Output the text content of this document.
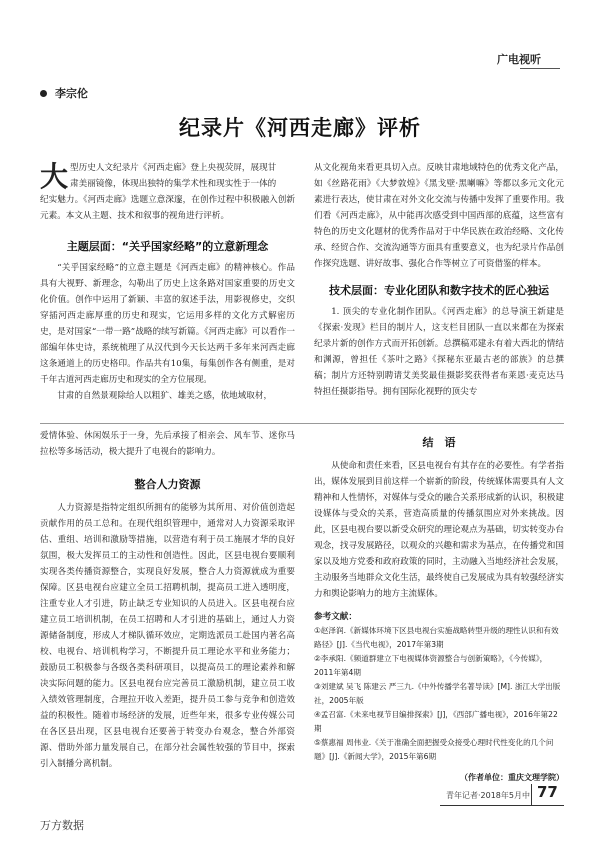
广电视听
李宗伦
纪录片《河西走廊》评析
大 型历史人文纪录片《河西走廊》登上央视荧屏，展现甘

肃美丽镜像，体现出独特的集学术性和现实性于一体的

纪实魅力。《河西走廊》选题立意深邃，在创作过程中积极融入创新元素。本文从主题、技术和叙事的视角进行评析。

主题层面：“关乎国家经略”的立意新理念

“关乎国家经略”的立意主题是《河西走廊》的精神核心。作品具有大视野、新理念，勾勒出了历史上这条路对国家重要的历史文化价值。创作中运用了新颖、丰富的叙述手法，用影视修史，交织穿插河西走廊厚重的历史和现实，它运用多样的文化方式解密历史，是对国家“一带一路”战略的续写新篇。《河西走廊》可以看作一部编年体史诗，系统梳理了从汉代到今天长达两千多年来河西走廊这条通道上的历史格印。作品共有10集，每集创作各有侧重，是对千年古道河西走廊历史和现实的全方位展现。

甘肃的自然景观除给人以粗犷、雄美之感，依地域取材，

从文化视角来看更具切入点。反映甘肃地域特色的优秀文化产品，如《丝路花雨》《大梦敦煌》《黑戈壁·黑喇嘛》等都以多元文化元素进行表达，使甘肃在对外文化交流与传播中发挥了重要作用。我们看《河西走廊》，从中能再次感受到中国西部的底蕴，这些富有特色的历史文化题材的优秀作品对于中华民族在政治经略、文化传承、经贸合作、交流沟通等方面具有重要意义，也为纪录片作品创作探究选题、讲好故事、强化合作等树立了可资借鉴的样本。

技术层面：专业化团队和数字技术的匠心独运

1. 顶尖的专业化制作团队。《河西走廊》的总导演王新建是《探索·发现》栏目的制片人，这支栏目团队一直以来都在为探索纪录片新的创作方式而开拓创新。总撰稿邓建永有着大西北的情结和渊源，曾担任《茶叶之路》《探秘东亚最古老的部族》的总撰稿；制片方还特别聘请艾美奖最佳摄影奖获得者布莱恩·麦克达马特担任摄影指导。拥有国际化视野的顶尖专

爱情体验、休闲娱乐于一身，先后承接了相亲会、风车节、迷你马拉松等多场活动，极大提升了电视台的影响力。

整合人力资源

人力资源是指特定组织所拥有的能够为其所用、对价值创造起贡献作用的员工总和。在现代组织管理中，通常对人力资源采取评估、重组、培训和激励等措施，以营造有利于员工施展才华的良好氛围，极大发挥员工的主动性和创造性。因此，区县电视台要顺利实现各类传播资源整合，实现良好发展，整合人力资源就成为重要保障。区县电视台应建立全员工招聘机制，提高员工进入透明度，注重专业人才引进，防止缺乏专业知识的人员进入。区县电视台应建立员工培训机制，在员工招聘和人才引进的基础上，通过人力资源储备制度，形成人才梯队循环效应，定期选派员工赴国内著名高校、电视台、培训机构学习，不断提升员工理论水平和业务能力；鼓励员工积极参与各级各类科研项目，以提高员工的理论素养和解决实际问题的能力。区县电视台应完善员工激励机制，建立员工收入绩效管理制度，合理拉开收入差距，提升员工参与竞争和创造效益的积极性。随着市场经济的发展，近些年来，很多专业传媒公司在各区县出现，区县电视台还要善于转变办台观念，整合外部资源、借助外部力量发展自己，在部分社会属性较强的节目中，探索引入制播分离机制。

结　语

从使命和责任来看，区县电视台有其存在的必要性。有学者指出，媒体发展到目前这样一个崭新的阶段，传统媒体需要具有人文精神和人性情怀，对媒体与受众的融合关系形成新的认识，积极建设媒体与受众的关系，营造高质量的传播氛围应对外来挑战。因此，区县电视台要以新受众研究的理论观点为基础，切实转变办台观念，找寻发展路径，以观众的兴趣和需求为基点，在传播党和国家以及地方党委和政府政策的同时，主动融入当地经济社会发展，主动服务当地群众文化生活，最终使自己发展成为具有较强经济实力和舆论影响力的地方主流媒体。

参考文献：

①赵泽润.《新媒体环境下区县电视台实施战略转型升级的理性认识和有效路径》[J].《当代电视》，2017年第3期

②李承阳.《频道群建立下电视媒体资源整合与创新策略》，《今传媒》，2011年第4期

③刘建斌 吴飞 陈建云 严三九.《中外传播学名著导读》[M]. 浙江大学出版社，2005年版

④孟召富.《未来电视节目编排探索》[J]，《西部广播电视》，2016年第22期

⑤蔡惠福 周伟业.《关于准确全面把握受众接受心理时代性变化的几个问题》[J].《新闻大学》，2015年第6期

（作者单位：重庆文理学院）
万方数据
青年记者·2018年5月中 77
